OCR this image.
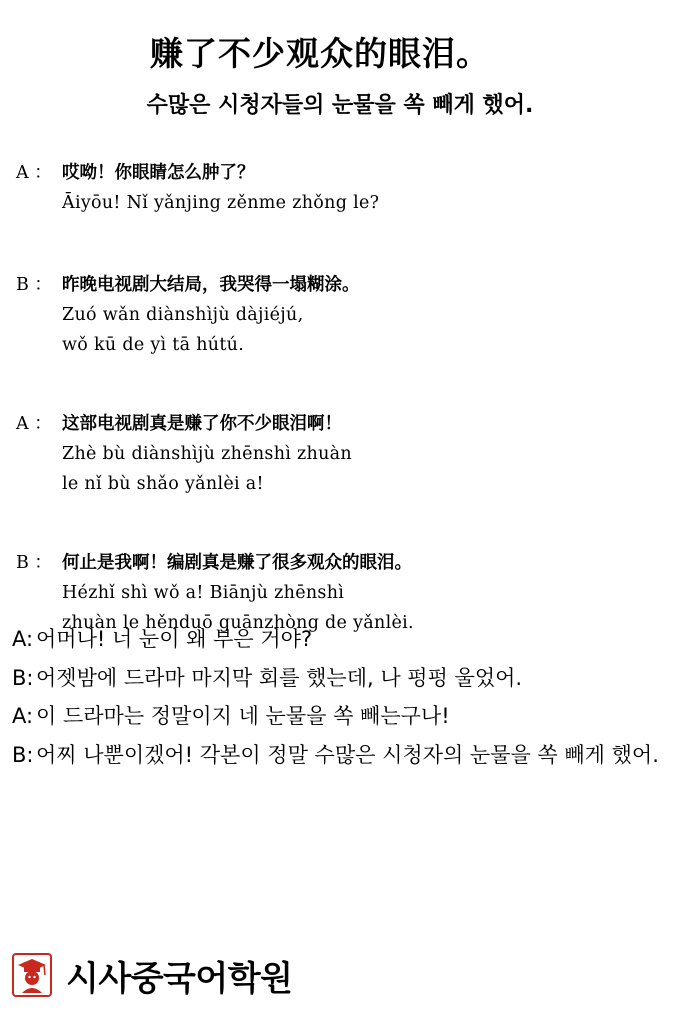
赚了不少观众的眼泪。
수많은 시청자들의 눈물을 쏙 빼게 했어.
A ： 哎呦！你眼睛怎么肿了？
Āiyōu! Nǐ yǎnjing zěnme zhǒng le?
B ： 昨晚电视剧大结局，我哭得一塌糊涂。
Zuó wǎn diànshìjù dàjiéjú,
wǒ kū de yì tā hútú.
A ： 这部电视剧真是赚了你不少眼泪啊！
Zhè bù diànshìjù zhēnshì zhuàn
le nǐ bù shǎo yǎnlèi a!
B ： 何止是我啊！编剧真是赚了很多观众的眼泪。
Hézhǐ shì wǒ a! Biānjù zhēnshì
zhuàn le hěnduō guānzhòng de yǎnlèi.
A: 어머나! 너 눈이 왜 부은 거야?
B: 어젯밤에 드라마 마지막 회를 했는데, 나 펑펑 울었어.
A: 이 드라마는 정말이지 네 눈물을 쏙 빼는구나!
B: 어찌 나뿐이겠어! 각본이 정말 수많은 시청자의 눈물을 쏙 빼게 했어.
시사중국어학원
